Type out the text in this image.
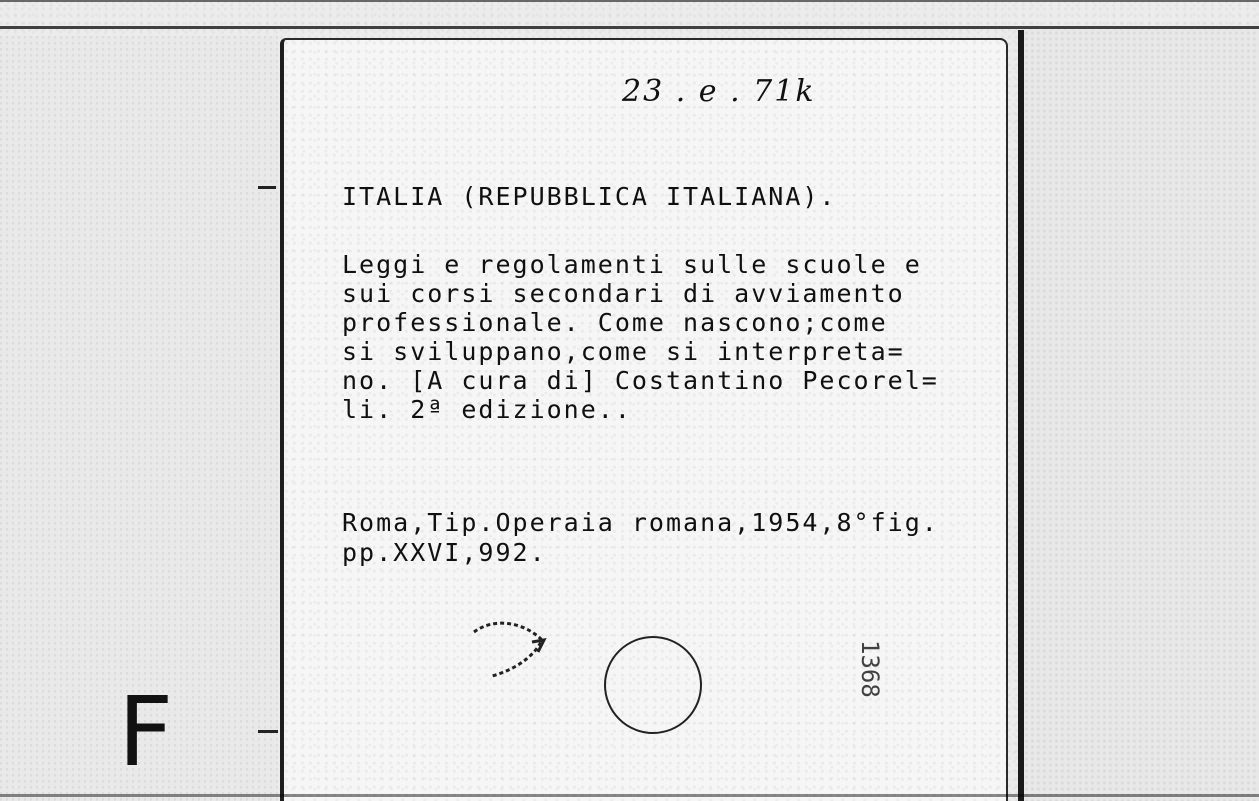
F
23 . e . 71k
ITALIA (REPUBBLICA ITALIANA).
Leggi e regolamenti sulle scuole e
sui corsi secondari di avviamento
professionale. Come nascono;come
si sviluppano,come si interpreta=
no. [A cura di] Costantino Pecorel=
li. 2ª edizione..
Roma,Tip.Operaia romana,1954,8°fig.
pp.XXVI,992.
1368
